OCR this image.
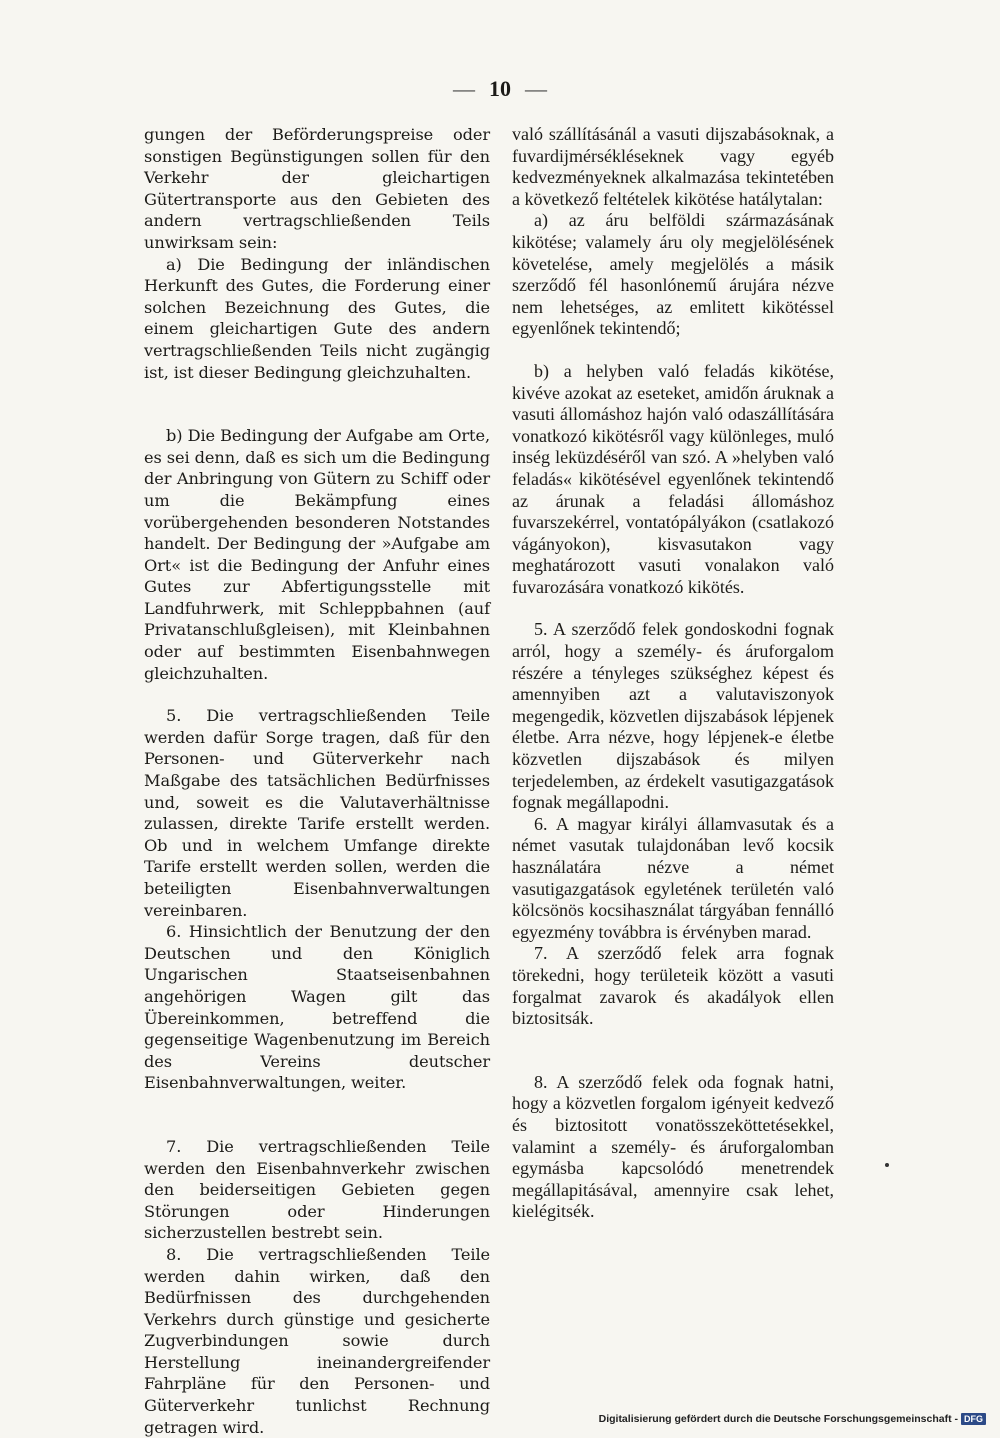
— 10 —

gungen der Beförderungspreise oder sonstigen Begünstigungen sollen für den Verkehr der gleichartigen Gütertransporte aus den Gebieten des andern vertragschließenden Teils unwirksam sein:

a) Die Bedingung der inländischen Herkunft des Gutes, die Forderung einer solchen Bezeichnung des Gutes, die einem gleichartigen Gute des andern vertragschließenden Teils nicht zugängig ist, ist dieser Bedingung gleichzuhalten.

b) Die Bedingung der Aufgabe am Orte, es sei denn, daß es sich um die Bedingung der Anbringung von Gütern zu Schiff oder um die Bekämpfung eines vorübergehenden besonderen Notstandes handelt. Der Bedingung der »Aufgabe am Ort« ist die Bedingung der Anfuhr eines Gutes zur Abfertigungsstelle mit Landfuhrwerk, mit Schleppbahnen (auf Privatanschlußgleisen), mit Kleinbahnen oder auf bestimmten Eisenbahnwegen gleichzuhalten.

5. Die vertragschließenden Teile werden dafür Sorge tragen, daß für den Personen- und Güterverkehr nach Maßgabe des tatsächlichen Bedürfnisses und, soweit es die Valutaverhältnisse zulassen, direkte Tarife erstellt werden. Ob und in welchem Umfange direkte Tarife erstellt werden sollen, werden die beteiligten Eisenbahnverwaltungen vereinbaren.

6. Hinsichtlich der Benutzung der den Deutschen und den Königlich Ungarischen Staatseisenbahnen angehörigen Wagen gilt das Übereinkommen, betreffend die gegenseitige Wagenbenutzung im Bereich des Vereins deutscher Eisenbahnverwaltungen, weiter.

7. Die vertragschließenden Teile werden den Eisenbahnverkehr zwischen den beiderseitigen Gebieten gegen Störungen oder Hinderungen sicherzustellen bestrebt sein.

8. Die vertragschließenden Teile werden dahin wirken, daß den Bedürfnissen des durchgehenden Verkehrs durch günstige und gesicherte Zugverbindungen sowie durch Herstellung ineinandergreifender Fahrpläne für den Personen- und Güterverkehr tunlichst Rechnung getragen wird.

való szállításánál a vasuti dijszabásoknak, a fuvardijmérsékléseknek vagy egyéb kedvezményeknek alkalmazása tekintetében a következő feltételek kikötése hatálytalan:

a) az áru belföldi származásának kikötése; valamely áru oly megjelölésének követelése, amely megjelölés a másik szerződő fél hasonlónemű árujára nézve nem lehetséges, az emlitett kikötéssel egyenlőnek tekintendő;

b) a helyben való feladás kikötése, kivéve azokat az eseteket, amidőn áruknak a vasuti állomáshoz hajón való odaszállítására vonatkozó kikötésről vagy különleges, muló inség leküzdéséről van szó. A »helyben való feladás« kikötésével egyenlőnek tekintendő az árunak a feladási állomáshoz fuvarszekérrel, vontatópályákon (csatlakozó vágányokon), kisvasutakon vagy meghatározott vasuti vonalakon való fuvarozására vonatkozó kikötés.

5. A szerződő felek gondoskodni fognak arról, hogy a személy- és áruforgalom részére a tényleges szükséghez képest és amennyiben azt a valutaviszonyok megengedik, közvetlen dijszabások lépjenek életbe. Arra nézve, hogy lépjenek-e életbe közvetlen dijszabások és milyen terjedelemben, az érdekelt vasutigazgatások fognak megállapodni.

6. A magyar királyi államvasutak és a német vasutak tulajdonában levő kocsik használatára nézve a német vasutigazgatások egyletének területén való kölcsönös kocsihasználat tárgyában fennálló egyezmény továbbra is érvényben marad.

7. A szerződő felek arra fognak törekedni, hogy területeik között a vasuti forgalmat zavarok és akadályok ellen biztositsák.

8. A szerződő felek oda fognak hatni, hogy a közvetlen forgalom igényeit kedvező és biztositott vonatösszeköttetésekkel, valamint a személy- és áruforgalomban egymásba kapcsolódó menetrendek megállapitásával, amennyire csak lehet, kielégitsék.

Digitalisierung gefördert durch die Deutsche Forschungsgemeinschaft - DFG
